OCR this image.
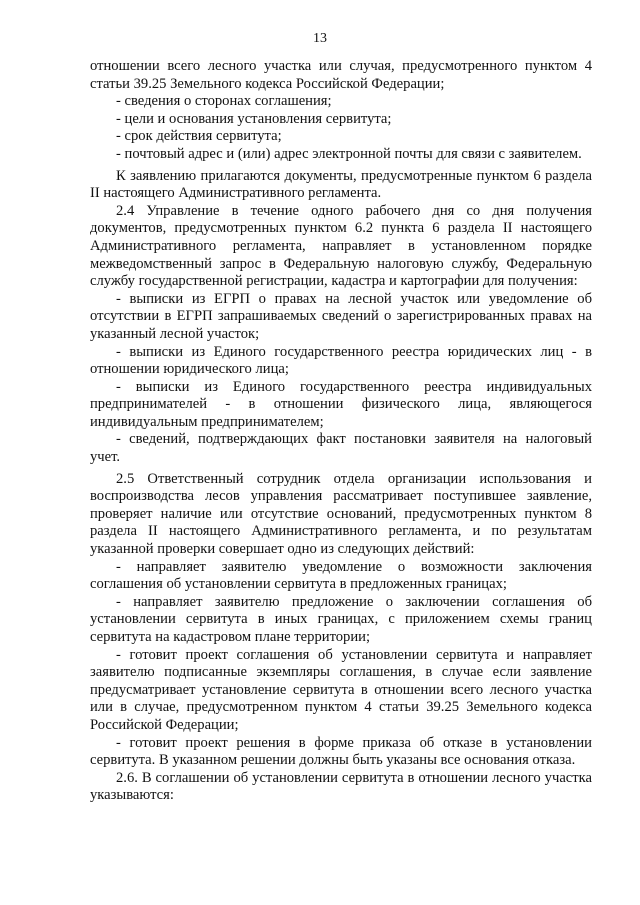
13

отношении всего лесного участка или случая, предусмотренного пунктом 4 статьи 39.25 Земельного кодекса Российской Федерации;

- сведения о сторонах соглашения;

- цели и основания установления сервитута;

- срок действия сервитута;

- почтовый адрес и (или) адрес электронной почты для связи с заявителем.

К заявлению прилагаются документы, предусмотренные пунктом 6 раздела II настоящего Административного регламента.

2.4 Управление в течение одного рабочего дня со дня получения документов, предусмотренных пунктом 6.2 пункта 6 раздела II настоящего Административного регламента, направляет в установленном порядке межведомственный запрос в Федеральную налоговую службу, Федеральную службу государственной регистрации, кадастра и картографии для получения:

- выписки из ЕГРП о правах на лесной участок или уведомление об отсутствии в ЕГРП запрашиваемых сведений о зарегистрированных правах на указанный лесной участок;

- выписки из Единого государственного реестра юридических лиц - в отношении юридического лица;

- выписки из Единого государственного реестра индивидуальных предпринимателей - в отношении физического лица, являющегося индивидуальным предпринимателем;

- сведений, подтверждающих факт постановки заявителя на налоговый учет.

2.5 Ответственный сотрудник отдела организации использования и воспроизводства лесов управления рассматривает поступившее заявление, проверяет наличие или отсутствие оснований, предусмотренных пунктом 8 раздела II настоящего Административного регламента, и по результатам указанной проверки совершает одно из следующих действий:

- направляет заявителю уведомление о возможности заключения соглашения об установлении сервитута в предложенных границах;

- направляет заявителю предложение о заключении соглашения об установлении сервитута в иных границах, с приложением схемы границ сервитута на кадастровом плане территории;

- готовит проект соглашения об установлении сервитута и направляет заявителю подписанные экземпляры соглашения, в случае если заявление предусматривает установление сервитута в отношении всего лесного участка или в случае, предусмотренном пунктом 4 статьи 39.25 Земельного кодекса Российской Федерации;

- готовит проект решения в форме приказа об отказе в установлении сервитута. В указанном решении должны быть указаны все основания отказа.

2.6. В соглашении об установлении сервитута в отношении лесного участка указываются:
